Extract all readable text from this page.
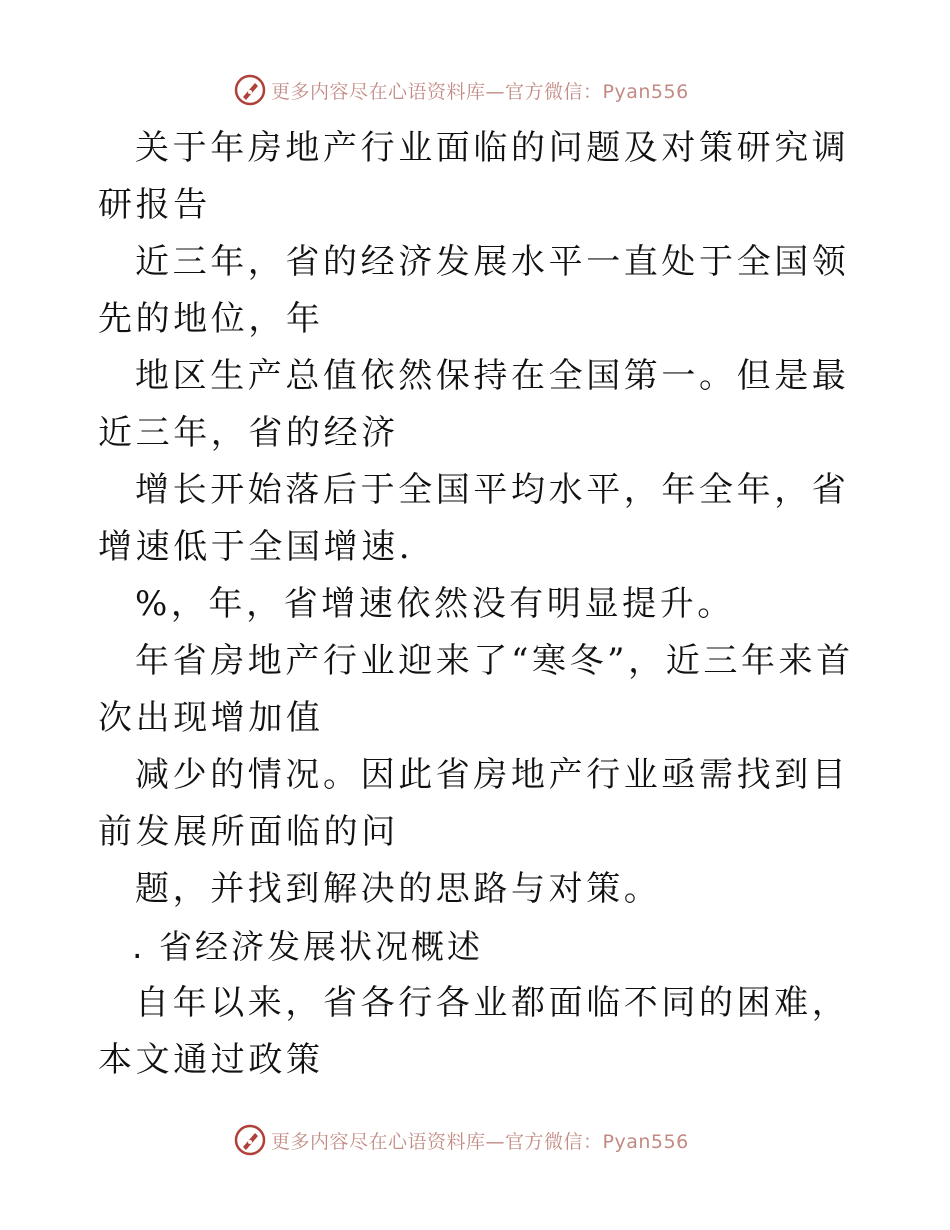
更多内容尽在心语资料库—官方微信：Pyan556

关于年房地产行业面临的问题及对策研究调研报告

近三年，省的经济发展水平一直处于全国领先的地位，年

地区生产总值依然保持在全国第一。但是最近三年，省的经济

增长开始落后于全国平均水平，年全年，省增速低于全国增速.

%，年，省增速依然没有明显提升。

年省房地产行业迎来了“寒冬”，近三年来首次出现增加值

减少的情况。因此省房地产行业亟需找到目前发展所面临的问

题，并找到解决的思路与对策。

. 省经济发展状况概述

自年以来，省各行各业都面临不同的困难，本文通过政策

更多内容尽在心语资料库—官方微信：Pyan556
